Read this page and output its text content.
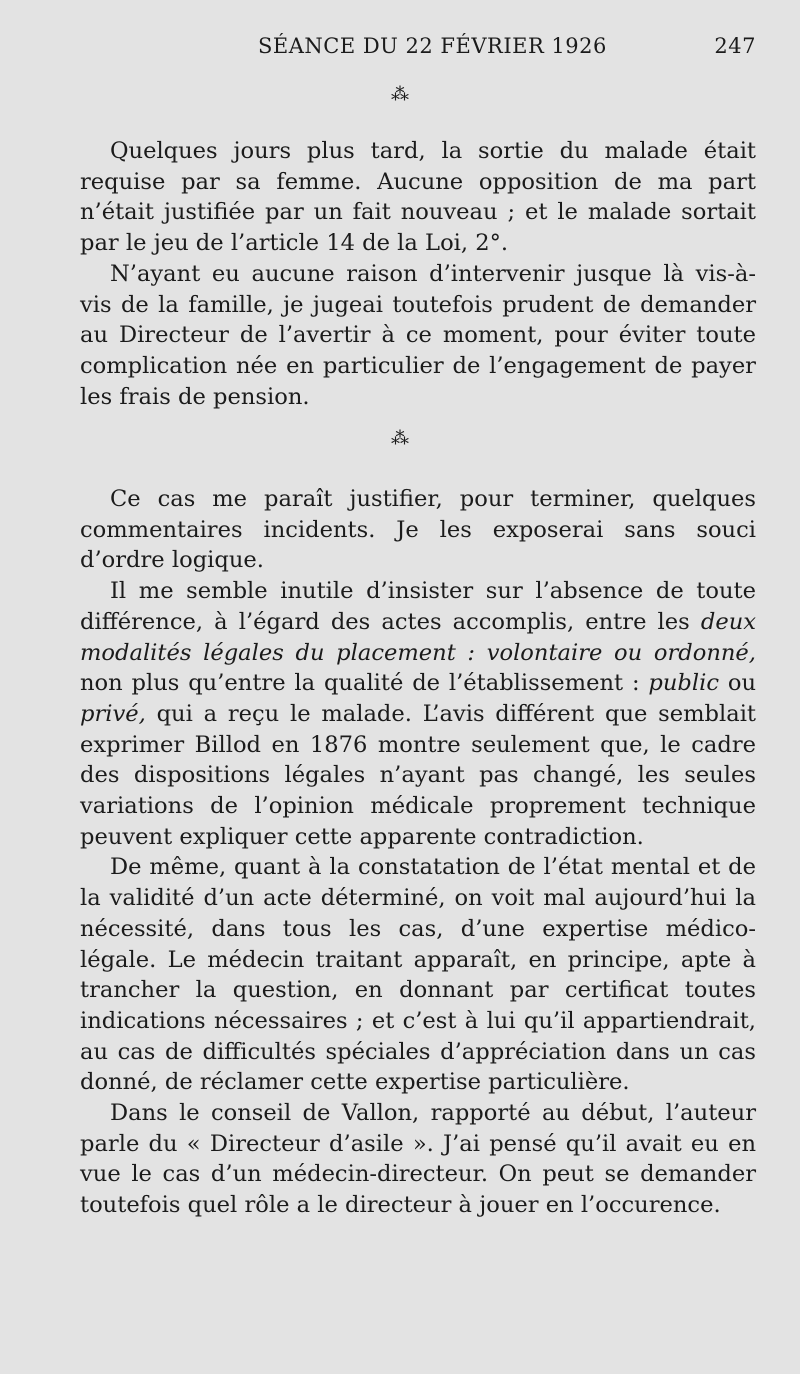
SÉANCE DU 22 FÉVRIER 1926	247
⁂

Quelques jours plus tard, la sortie du malade était requise par sa femme. Aucune opposition de ma part n’était justifiée par un fait nouveau ; et le malade sortait par le jeu de l’article 14 de la Loi, 2°.

N’ayant eu aucune raison d’intervenir jusque là vis-à-vis de la famille, je jugeai toutefois prudent de demander au Directeur de l’avertir à ce moment, pour éviter toute complication née en particulier de l’engagement de payer les frais de pension.

⁂

Ce cas me paraît justifier, pour terminer, quelques commentaires incidents. Je les exposerai sans souci d’ordre logique.

Il me semble inutile d’insister sur l’absence de toute différence, à l’égard des actes accomplis, entre les deux modalités légales du placement : volontaire ou ordonné, non plus qu’entre la qualité de l’établissement : public ou privé, qui a reçu le malade. L’avis différent que semblait exprimer Billod en 1876 montre seulement que, le cadre des dispositions légales n’ayant pas changé, les seules variations de l’opinion médicale proprement technique peuvent expliquer cette apparente contradiction.

De même, quant à la constatation de l’état mental et de la validité d’un acte déterminé, on voit mal aujourd’hui la nécessité, dans tous les cas, d’une expertise médico-légale. Le médecin traitant apparaît, en principe, apte à trancher la question, en donnant par certificat toutes indications nécessaires ; et c’est à lui qu’il appartiendrait, au cas de difficultés spéciales d’appréciation dans un cas donné, de réclamer cette expertise particulière.

Dans le conseil de Vallon, rapporté au début, l’auteur parle du « Directeur d’asile ». J’ai pensé qu’il avait eu en vue le cas d’un médecin-directeur. On peut se demander toutefois quel rôle a le directeur à jouer en l’occurence.
